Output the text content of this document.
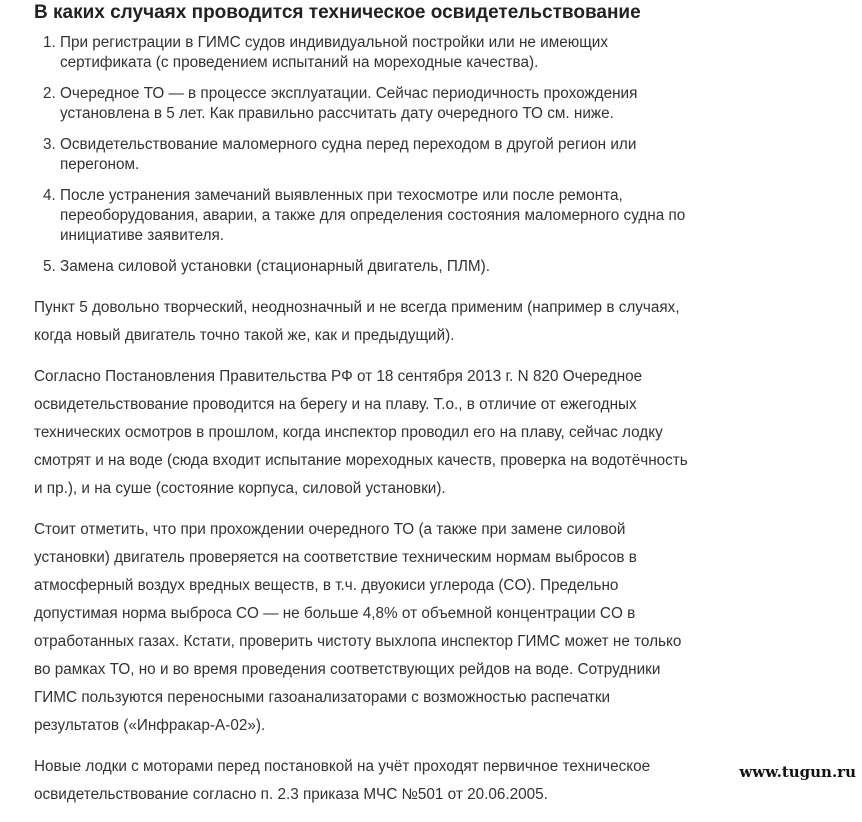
В каких случаях проводится техническое освидетельствование
1. При регистрации в ГИМС судов индивидуальной постройки или не имеющих сертификата (с проведением испытаний на мореходные качества).
2. Очередное ТО — в процессе эксплуатации. Сейчас периодичность прохождения установлена в 5 лет. Как правильно рассчитать дату очередного ТО см. ниже.
3. Освидетельствование маломерного судна перед переходом в другой регион или перегоном.
4. После устранения замечаний выявленных при техосмотре или после ремонта, переоборудования, аварии, а также для определения состояния маломерного судна по инициативе заявителя.
5. Замена силовой установки (стационарный двигатель, ПЛМ).

Пункт 5 довольно творческий, неоднозначный и не всегда применим (например в случаях, когда новый двигатель точно такой же, как и предыдущий).

Согласно Постановления Правительства РФ от 18 сентября 2013 г. N 820 Очередное освидетельствование проводится на берегу и на плаву. Т.о., в отличие от ежегодных технических осмотров в прошлом, когда инспектор проводил его на плаву, сейчас лодку смотрят и на воде (сюда входит испытание мореходных качеств, проверка на водотёчность и пр.), и на суше (состояние корпуса, силовой установки).

Стоит отметить, что при прохождении очередного ТО (а также при замене силовой установки) двигатель проверяется на соответствие техническим нормам выбросов в атмосферный воздух вредных веществ, в т.ч. двуокиси углерода (CO). Предельно допустимая норма выброса CO — не больше 4,8% от объемной концентрации CO в отработанных газах. Кстати, проверить чистоту выхлопа инспектор ГИМС может не только во рамках ТО, но и во время проведения соответствующих рейдов на воде. Сотрудники ГИМС пользуются переносными газоанализаторами с возможностью распечатки результатов («Инфракар-А-02»).

Новые лодки с моторами перед постановкой на учёт проходят первичное техническое освидетельствование согласно п. 2.3 приказа МЧС №501 от 20.06.2005.

www.tugun.ru
